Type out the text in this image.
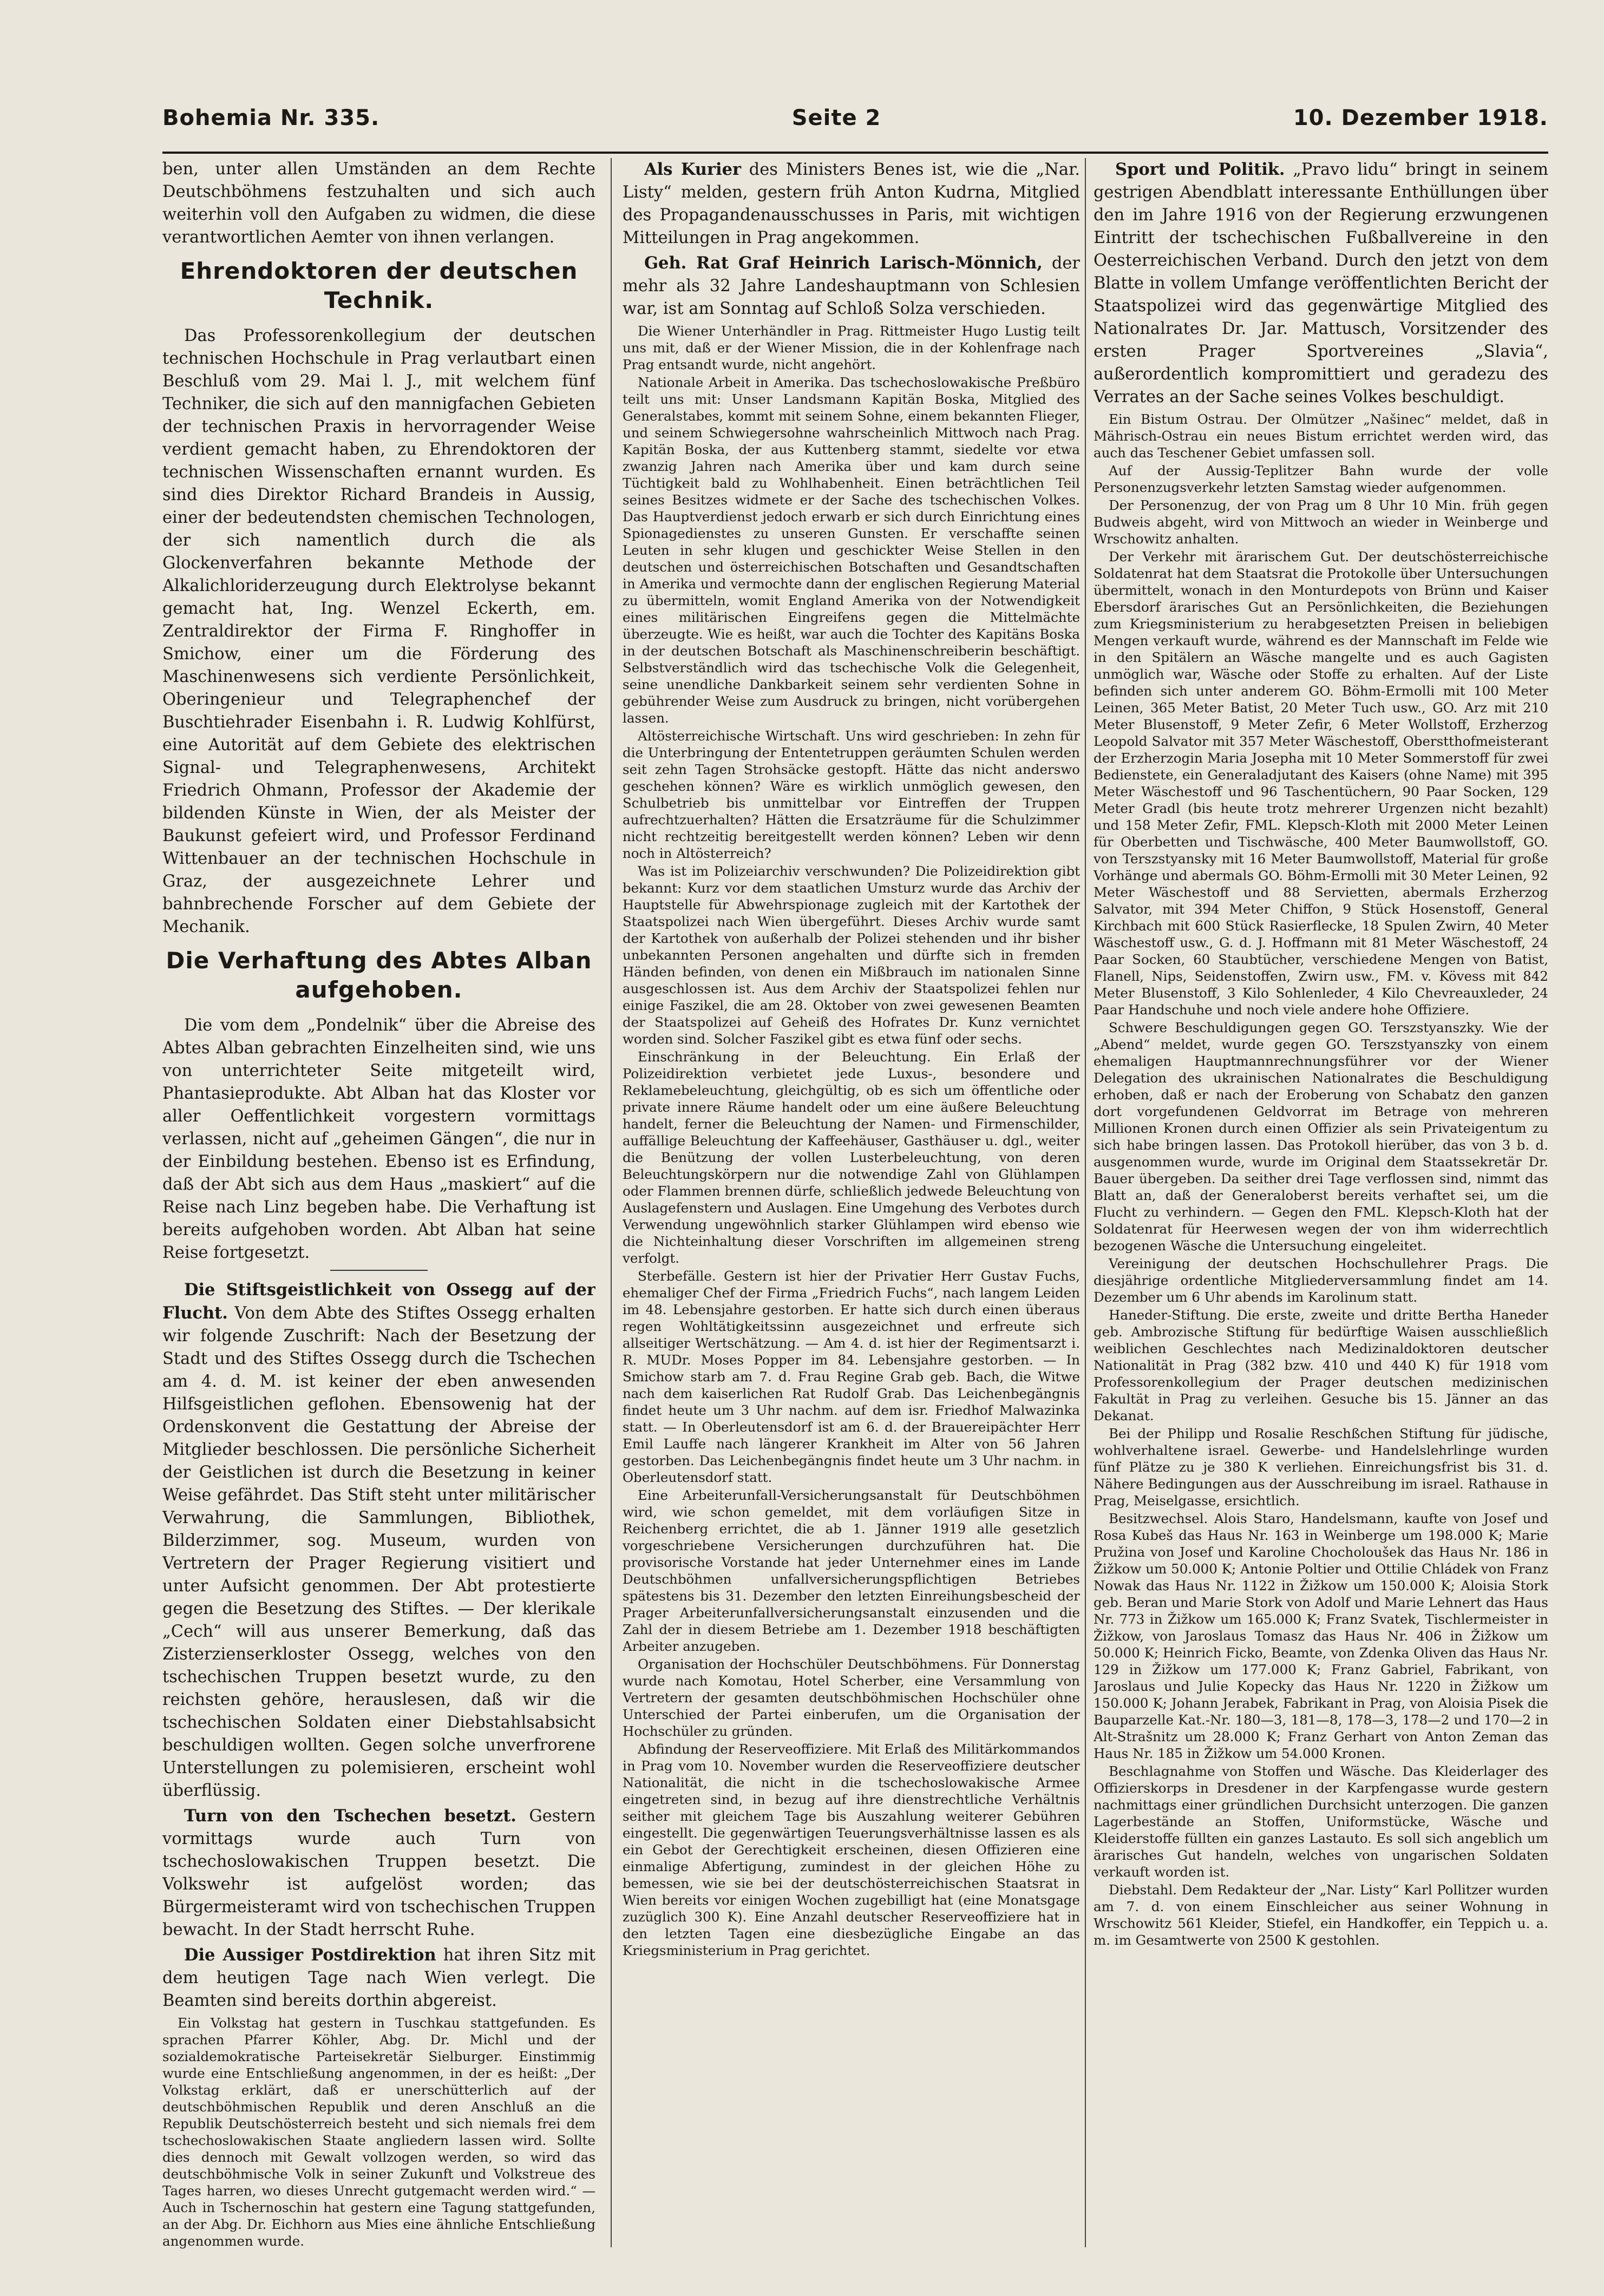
Bohemia Nr. 335.	Seite 2	10. Dezember 1918.

ben, unter allen Umständen an dem Rechte Deutschböhmens festzuhalten und sich auch weiterhin voll den Aufgaben zu widmen, die diese verantwortlichen Aemter von ihnen verlangen.

Ehrendoktoren der deutschen Technik.

Das Professorenkollegium der deutschen technischen Hochschule in Prag verlautbart einen Beschluß vom 29. Mai l. J., mit welchem fünf Techniker, die sich auf den mannigfachen Gebieten der technischen Praxis in hervorragender Weise verdient gemacht haben, zu Ehrendoktoren der technischen Wissenschaften ernannt wurden. Es sind dies Direktor Richard Brandeis in Aussig, einer der bedeutendsten chemischen Technologen, der sich namentlich durch die als Glockenverfahren bekannte Methode der Alkalichloriderzeugung durch Elektrolyse bekannt gemacht hat, Ing. Wenzel Eckerth, em. Zentraldirektor der Firma F. Ringhoffer in Smichow, einer um die Förderung des Maschinenwesens sich verdiente Persönlichkeit, Oberingenieur und Telegraphenchef der Buschtiehrader Eisenbahn i. R. Ludwig Kohlfürst, eine Autorität auf dem Gebiete des elektrischen Signal- und Telegraphenwesens, Architekt Friedrich Ohmann, Professor der Akademie der bildenden Künste in Wien, der als Meister der Baukunst gefeiert wird, und Professor Ferdinand Wittenbauer an der technischen Hochschule in Graz, der ausgezeichnete Lehrer und bahnbrechende Forscher auf dem Gebiete der Mechanik.

Die Verhaftung des Abtes Alban aufgehoben.

Die vom dem „Pondelnik“ über die Abreise des Abtes Alban gebrachten Einzelheiten sind, wie uns von unterrichteter Seite mitgeteilt wird, Phantasieprodukte. Abt Alban hat das Kloster vor aller Oeffentlichkeit vorgestern vormittags verlassen, nicht auf „geheimen Gängen“, die nur in der Einbildung bestehen. Ebenso ist es Erfindung, daß der Abt sich aus dem Haus „maskiert“ auf die Reise nach Linz begeben habe. Die Verhaftung ist bereits aufgehoben worden. Abt Alban hat seine Reise fortgesetzt.

Die Stiftsgeistlichkeit von Ossegg auf der Flucht. Von dem Abte des Stiftes Ossegg erhalten wir folgende Zuschrift: Nach der Besetzung der Stadt und des Stiftes Ossegg durch die Tschechen am 4. d. M. ist keiner der eben anwesenden Hilfsgeistlichen geflohen. Ebensowenig hat der Ordenskonvent die Gestattung der Abreise der Mitglieder beschlossen. Die persönliche Sicherheit der Geistlichen ist durch die Besetzung in keiner Weise gefährdet. Das Stift steht unter militärischer Verwahrung, die Sammlungen, Bibliothek, Bilderzimmer, sog. Museum, wurden von Vertretern der Prager Regierung visitiert und unter Aufsicht genommen. Der Abt protestierte gegen die Besetzung des Stiftes. — Der klerikale „Cech“ will aus unserer Bemerkung, daß das Zisterzienserkloster Ossegg, welches von den tschechischen Truppen besetzt wurde, zu den reichsten gehöre, herauslesen, daß wir die tschechischen Soldaten einer Diebstahlsabsicht beschuldigen wollten. Gegen solche unverfrorene Unterstellungen zu polemisieren, erscheint wohl überflüssig.

Turn von den Tschechen besetzt. Gestern vormittags wurde auch Turn von tschechoslowakischen Truppen besetzt. Die Volkswehr ist aufgelöst worden; das Bürgermeisteramt wird von tschechischen Truppen bewacht. In der Stadt herrscht Ruhe.

Die Aussiger Postdirektion hat ihren Sitz mit dem heutigen Tage nach Wien verlegt. Die Beamten sind bereits dorthin abgereist.

Ein Volkstag hat gestern in Tuschkau stattgefunden. Es sprachen Pfarrer Köhler, Abg. Dr. Michl und der sozialdemokratische Parteisekretär Sielburger. Einstimmig wurde eine Entschließung angenommen, in der es heißt: „Der Volkstag erklärt, daß er unerschütterlich auf der deutschböhmischen Republik und deren Anschluß an die Republik Deutschösterreich besteht und sich niemals frei dem tschechoslowakischen Staate angliedern lassen wird. Sollte dies dennoch mit Gewalt vollzogen werden, so wird das deutschböhmische Volk in seiner Zukunft und Volkstreue des Tages harren, wo dieses Unrecht gutgemacht werden wird.“ — Auch in Tschernoschin hat gestern eine Tagung stattgefunden, an der Abg. Dr. Eichhorn aus Mies eine ähnliche Entschließung angenommen wurde.

Als Kurier des Ministers Benes ist, wie die „Nar. Listy“ melden, gestern früh Anton Kudrna, Mitglied des Propagandenausschusses in Paris, mit wichtigen Mitteilungen in Prag angekommen.

Geh. Rat Graf Heinrich Larisch-Mönnich, der mehr als 32 Jahre Landeshauptmann von Schlesien war, ist am Sonntag auf Schloß Solza verschieden.

Die Wiener Unterhändler in Prag. Rittmeister Hugo Lustig teilt uns mit, daß er der Wiener Mission, die in der Kohlenfrage nach Prag entsandt wurde, nicht angehört.

Nationale Arbeit in Amerika. Das tschechoslowakische Preßbüro teilt uns mit: Unser Landsmann Kapitän Boska, Mitglied des Generalstabes, kommt mit seinem Sohne, einem bekannten Flieger, und seinem Schwiegersohne wahrscheinlich Mittwoch nach Prag. Kapitän Boska, der aus Kuttenberg stammt, siedelte vor etwa zwanzig Jahren nach Amerika über und kam durch seine Tüchtigkeit bald zu Wohlhabenheit. Einen beträchtlichen Teil seines Besitzes widmete er der Sache des tschechischen Volkes. Das Hauptverdienst jedoch erwarb er sich durch Einrichtung eines Spionagedienstes zu unseren Gunsten. Er verschaffte seinen Leuten in sehr klugen und geschickter Weise Stellen in den deutschen und österreichischen Botschaften und Gesandtschaften in Amerika und vermochte dann der englischen Regierung Material zu übermitteln, womit England Amerika von der Notwendigkeit eines militärischen Eingreifens gegen die Mittelmächte überzeugte. Wie es heißt, war auch die Tochter des Kapitäns Boska in der deutschen Botschaft als Maschinenschreiberin beschäftigt. Selbstverständlich wird das tschechische Volk die Gelegenheit, seine unendliche Dankbarkeit seinem sehr verdienten Sohne in gebührender Weise zum Ausdruck zu bringen, nicht vorübergehen lassen.

Altösterreichische Wirtschaft. Uns wird geschrieben: In zehn für die Unterbringung der Ententetruppen geräumten Schulen werden seit zehn Tagen Strohsäcke gestopft. Hätte das nicht anderswo geschehen können? Wäre es wirklich unmöglich gewesen, den Schulbetrieb bis unmittelbar vor Eintreffen der Truppen aufrechtzuerhalten? Hätten die Ersatzräume für die Schulzimmer nicht rechtzeitig bereitgestellt werden können? Leben wir denn noch in Altösterreich?

Was ist im Polizeiarchiv verschwunden? Die Polizeidirektion gibt bekannt: Kurz vor dem staatlichen Umsturz wurde das Archiv der Hauptstelle für Abwehrspionage zugleich mit der Kartothek der Staatspolizei nach Wien übergeführt. Dieses Archiv wurde samt der Kartothek von außerhalb der Polizei stehenden und ihr bisher unbekannten Personen angehalten und dürfte sich in fremden Händen befinden, von denen ein Mißbrauch im nationalen Sinne ausgeschlossen ist. Aus dem Archiv der Staatspolizei fehlen nur einige Faszikel, die am 28. Oktober von zwei gewesenen Beamten der Staatspolizei auf Geheiß des Hofrates Dr. Kunz vernichtet worden sind. Solcher Faszikel gibt es etwa fünf oder sechs.

Einschränkung in der Beleuchtung. Ein Erlaß der Polizeidirektion verbietet jede Luxus-, besondere und Reklamebeleuchtung, gleichgültig, ob es sich um öffentliche oder private innere Räume handelt oder um eine äußere Beleuchtung handelt, ferner die Beleuchtung der Namen- und Firmenschilder, auffällige Beleuchtung der Kaffeehäuser, Gasthäuser u. dgl., weiter die Benützung der vollen Lusterbeleuchtung, von deren Beleuchtungskörpern nur die notwendige Zahl von Glühlampen oder Flammen brennen dürfe, schließlich jedwede Beleuchtung von Auslagefenstern und Auslagen. Eine Umgehung des Verbotes durch Verwendung ungewöhnlich starker Glühlampen wird ebenso wie die Nichteinhaltung dieser Vorschriften im allgemeinen streng verfolgt.

Sterbefälle. Gestern ist hier der Privatier Herr Gustav Fuchs, ehemaliger Chef der Firma „Friedrich Fuchs“, nach langem Leiden im 48. Lebensjahre gestorben. Er hatte sich durch einen überaus regen Wohltätigkeitssinn ausgezeichnet und erfreute sich allseitiger Wertschätzung. — Am 4. d. ist hier der Regimentsarzt i. R. MUDr. Moses Popper im 84. Lebensjahre gestorben. — In Smichow starb am 7. d. Frau Regine Grab geb. Bach, die Witwe nach dem kaiserlichen Rat Rudolf Grab. Das Leichenbegängnis findet heute um 3 Uhr nachm. auf dem isr. Friedhof Malwazinka statt. — In Oberleutensdorf ist am 6. d. der Brauereipächter Herr Emil Lauffe nach längerer Krankheit im Alter von 56 Jahren gestorben. Das Leichenbegängnis findet heute um 3 Uhr nachm. in Oberleutensdorf statt.

Eine Arbeiterunfall-Versicherungsanstalt für Deutschböhmen wird, wie schon gemeldet, mit dem vorläufigen Sitze in Reichenberg errichtet, die ab 1. Jänner 1919 alle gesetzlich vorgeschriebene Versicherungen durchzuführen hat. Die provisorische Vorstande hat jeder Unternehmer eines im Lande Deutschböhmen unfallversicherungspflichtigen Betriebes spätestens bis 31. Dezember den letzten Einreihungsbescheid der Prager Arbeiterunfallversicherungsanstalt einzusenden und die Zahl der in diesem Betriebe am 1. Dezember 1918 beschäftigten Arbeiter anzugeben.

Organisation der Hochschüler Deutschböhmens. Für Donnerstag wurde nach Komotau, Hotel Scherber, eine Versammlung von Vertretern der gesamten deutschböhmischen Hochschüler ohne Unterschied der Partei einberufen, um die Organisation der Hochschüler zu gründen.

Abfindung der Reserveoffiziere. Mit Erlaß des Militärkommandos in Prag vom 10. November wurden die Reserveoffiziere deutscher Nationalität, die nicht in die tschechoslowakische Armee eingetreten sind, in bezug auf ihre dienstrechtliche Verhältnis seither mit gleichem Tage bis Auszahlung weiterer Gebühren eingestellt. Die gegenwärtigen Teuerungsverhältnisse lassen es als ein Gebot der Gerechtigkeit erscheinen, diesen Offizieren eine einmalige Abfertigung, zumindest in der gleichen Höhe zu bemessen, wie sie bei der deutschösterreichischen Staatsrat in Wien bereits vor einigen Wochen zugebilligt hat (eine Monatsgage zuzüglich 300 K). Eine Anzahl deutscher Reserveoffiziere hat in den letzten Tagen eine diesbezügliche Eingabe an das Kriegsministerium in Prag gerichtet.

Sport und Politik. „Pravo lidu“ bringt in seinem gestrigen Abendblatt interessante Enthüllungen über den im Jahre 1916 von der Regierung erzwungenen Eintritt der tschechischen Fußballvereine in den Oesterreichischen Verband. Durch den jetzt von dem Blatte in vollem Umfange veröffentlichten Bericht der Staatspolizei wird das gegenwärtige Mitglied des Nationalrates Dr. Jar. Mattusch, Vorsitzender des ersten Prager Sportvereines „Slavia“, außerordentlich kompromittiert und geradezu des Verrates an der Sache seines Volkes beschuldigt.

Ein Bistum Ostrau. Der Olmützer „Našinec“ meldet, daß in Mährisch-Ostrau ein neues Bistum errichtet werden wird, das auch das Teschener Gebiet umfassen soll.

Auf der Aussig-Teplitzer Bahn wurde der volle Personenzugsverkehr letzten Samstag wieder aufgenommen.

Der Personenzug, der von Prag um 8 Uhr 10 Min. früh gegen Budweis abgeht, wird von Mittwoch an wieder in Weinberge und Wrschowitz anhalten.

Der Verkehr mit ärarischem Gut. Der deutschösterreichische Soldatenrat hat dem Staatsrat die Protokolle über Untersuchungen übermittelt, wonach in den Monturdepots von Brünn und Kaiser Ebersdorf ärarisches Gut an Persönlichkeiten, die Beziehungen zum Kriegsministerium zu herabgesetzten Preisen in beliebigen Mengen verkauft wurde, während es der Mannschaft im Felde wie in den Spitälern an Wäsche mangelte und es auch Gagisten unmöglich war, Wäsche oder Stoffe zu erhalten. Auf der Liste befinden sich unter anderem GO. Böhm-Ermolli mit 100 Meter Leinen, 365 Meter Batist, 20 Meter Tuch usw., GO. Arz mit 210 Meter Blusenstoff, 9 Meter Zefir, 6 Meter Wollstoff, Erzherzog Leopold Salvator mit 357 Meter Wäschestoff, Oberstthofmeisterant der Erzherzogin Maria Josepha mit 10 Meter Sommerstoff für zwei Bedienstete, ein Generaladjutant des Kaisers (ohne Name) mit 395 Meter Wäschestoff und 96 Taschentüchern, 90 Paar Socken, 129 Meter Gradl (bis heute trotz mehrerer Urgenzen nicht bezahlt) und 158 Meter Zefir, FML. Klepsch-Kloth mit 2000 Meter Leinen für Oberbetten und Tischwäsche, 400 Meter Baumwollstoff, GO. von Terszstyansky mit 16 Meter Baumwollstoff, Material für große Vorhänge und abermals GO. Böhm-Ermolli mit 30 Meter Leinen, 92 Meter Wäschestoff und 88 Servietten, abermals Erzherzog Salvator, mit 394 Meter Chiffon, 9 Stück Hosenstoff, General Kirchbach mit 600 Stück Rasierflecke, 18 Spulen Zwirn, 40 Meter Wäschestoff usw., G. d. J. Hoffmann mit 81 Meter Wäschestoff, 24 Paar Socken, 60 Staubtücher, verschiedene Mengen von Batist, Flanell, Nips, Seidenstoffen, Zwirn usw., FM. v. Kövess mit 842 Meter Blusenstoff, 3 Kilo Sohlenleder, 4 Kilo Chevreauxleder, 24 Paar Handschuhe und noch viele andere hohe Offiziere.

Schwere Beschuldigungen gegen GO. Terszstyanszky. Wie der „Abend“ meldet, wurde gegen GO. Terszstyanszky von einem ehemaligen Hauptmannrechnungsführer vor der Wiener Delegation des ukrainischen Nationalrates die Beschuldigung erhoben, daß er nach der Eroberung von Schabatz den ganzen dort vorgefundenen Geldvorrat im Betrage von mehreren Millionen Kronen durch einen Offizier als sein Privateigentum zu sich habe bringen lassen. Das Protokoll hierüber, das von 3 b. d. ausgenommen wurde, wurde im Original dem Staatssekretär Dr. Bauer übergeben. Da seither drei Tage verflossen sind, nimmt das Blatt an, daß der Generaloberst bereits verhaftet sei, um die Flucht zu verhindern. — Gegen den FML. Klepsch-Kloth hat der Soldatenrat für Heerwesen wegen der von ihm widerrechtlich bezogenen Wäsche die Untersuchung eingeleitet.

Vereinigung der deutschen Hochschullehrer Prags. Die diesjährige ordentliche Mitgliederversammlung findet am 14. Dezember um 6 Uhr abends im Karolinum statt.

Haneder-Stiftung. Die erste, zweite und dritte Bertha Haneder geb. Ambrozische Stiftung für bedürftige Waisen ausschließlich weiblichen Geschlechtes nach Medizinaldoktoren deutscher Nationalität in Prag (382 bzw. 410 und 440 K) für 1918 vom Professorenkollegium der Prager deutschen medizinischen Fakultät in Prag zu verleihen. Gesuche bis 15. Jänner an das Dekanat.

Bei der Philipp und Rosalie Reschßchen Stiftung für jüdische, wohlverhaltene israel. Gewerbe- und Handelslehrlinge wurden fünf Plätze zu je 380 K verliehen. Einreichungsfrist bis 31. d. Nähere Bedingungen aus der Ausschreibung im israel. Rathause in Prag, Meiselgasse, ersichtlich.

Besitzwechsel. Alois Staro, Handelsmann, kaufte von Josef und Rosa Kubeš das Haus Nr. 163 in Weinberge um 198.000 K; Marie Pružina von Josef und Karoline Chocholoušek das Haus Nr. 186 in Žižkow um 50.000 K; Antonie Poltier und Ottilie Chládek von Franz Nowak das Haus Nr. 1122 in Žižkow um 150.000 K; Aloisia Stork geb. Beran und Marie Stork von Adolf und Marie Lehnert das Haus Nr. 773 in Žižkow um 165.000 K; Franz Svatek, Tischlermeister in Žižkow, von Jaroslaus Tomasz das Haus Nr. 406 in Žižkow um 50.000 K; Heinrich Ficko, Beamte, von Zdenka Oliven das Haus Nr. 129 in Žižkow um 177.000 K; Franz Gabriel, Fabrikant, von Jaroslaus und Julie Kopecky das Haus Nr. 1220 in Žižkow um 150.000 K; Johann Jerabek, Fabrikant in Prag, von Aloisia Pisek die Bauparzelle Kat.-Nr. 180—3, 181—8, 178—3, 178—2 und 170—2 in Alt-Strašnitz um 28.000 K; Franz Gerhart von Anton Zeman das Haus Nr. 185 in Žižkow um 54.000 Kronen.

Beschlagnahme von Stoffen und Wäsche. Das Kleiderlager des Offizierskorps in Dresdener in der Karpfengasse wurde gestern nachmittags einer gründlichen Durchsicht unterzogen. Die ganzen Lagerbestände an Stoffen, Uniformstücke, Wäsche und Kleiderstoffe füllten ein ganzes Lastauto. Es soll sich angeblich um ärarisches Gut handeln, welches von ungarischen Soldaten verkauft worden ist.

Diebstahl. Dem Redakteur der „Nar. Listy“ Karl Pollitzer wurden am 7. d. von einem Einschleicher aus seiner Wohnung in Wrschowitz 561 Kleider, Stiefel, ein Handkoffer, ein Teppich u. a. m. im Gesamtwerte von 2500 K gestohlen.
